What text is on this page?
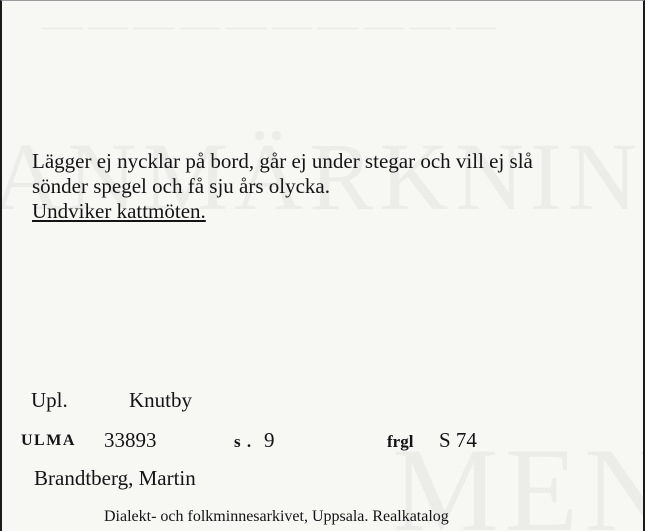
Lägger ej nycklar på bord, går ej under stegar och vill ej slå
sönder spegel och få sju års olycka.
Undviker kattmöten.
Upl.	Knutby
ULMA 33893	s . 9	frgl S 74
Brandtberg, Martin
Dialekt- och folkminnesarkivet, Uppsala. Realkatalog
